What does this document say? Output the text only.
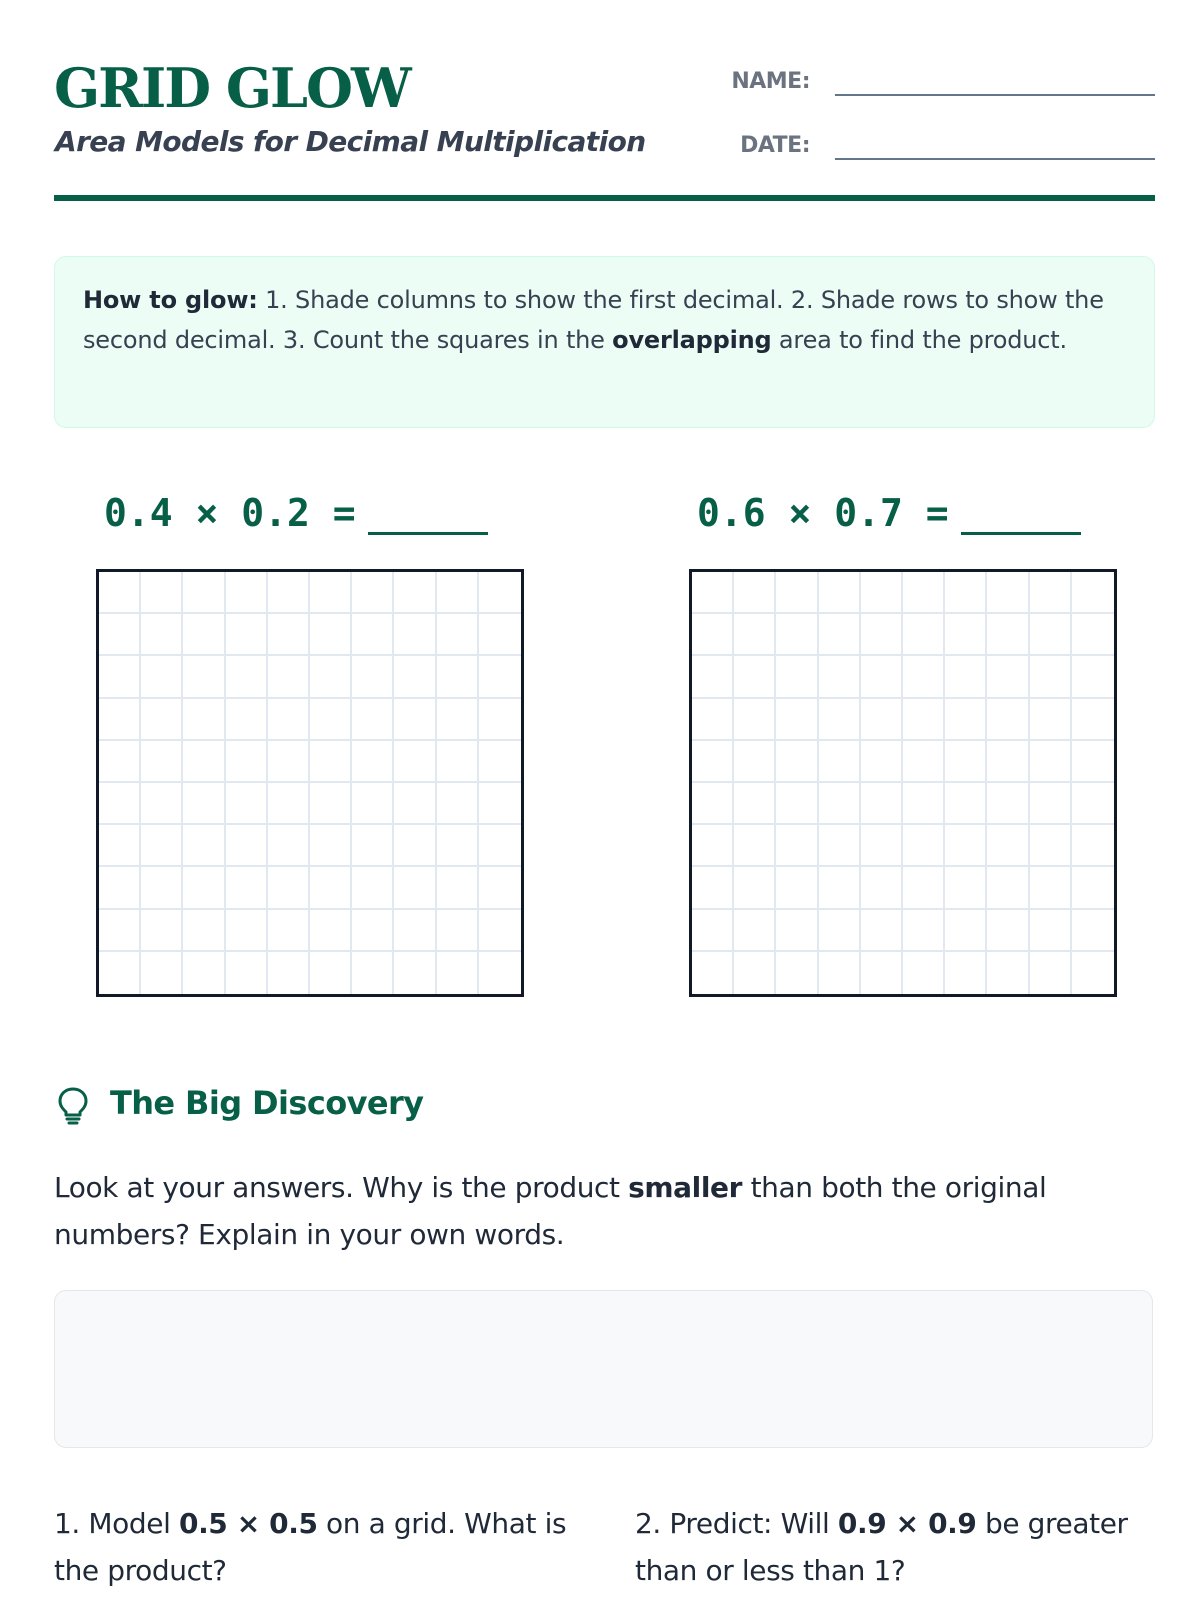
GRID GLOW
Area Models for Decimal Multiplication
NAME:
DATE:
How to glow: 1. Shade columns to show the first decimal. 2. Shade rows to show the second decimal. 3. Count the squares in the overlapping area to find the product.
0.4 × 0.2 =	0.6 × 0.7 =
The Big Discovery
Look at your answers. Why is the product smaller than both the original numbers? Explain in your own words.
1. Model 0.5 × 0.5 on a grid. What is the product?
2. Predict: Will 0.9 × 0.9 be greater than or less than 1?
